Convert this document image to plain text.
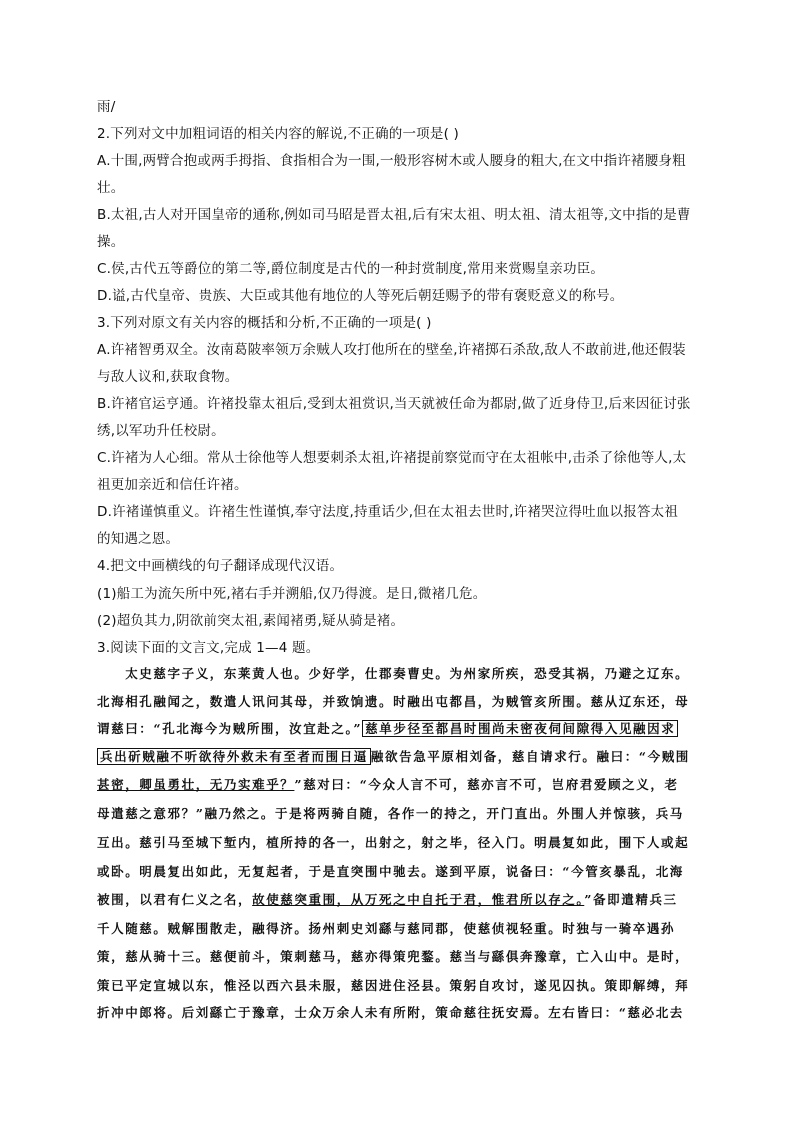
雨/
2.下列对文中加粗词语的相关内容的解说,不正确的一项是( )
A.十围,两臂合抱或两手拇指、食指相合为一围,一般形容树木或人腰身的粗大,在文中指许褚腰身粗
壮。
B.太祖,古人对开国皇帝的通称,例如司马昭是晋太祖,后有宋太祖、明太祖、清太祖等,文中指的是曹
操。
C.侯,古代五等爵位的第二等,爵位制度是古代的一种封赏制度,常用来赏赐皇亲功臣。
D.谥,古代皇帝、贵族、大臣或其他有地位的人等死后朝廷赐予的带有褒贬意义的称号。
3.下列对原文有关内容的概括和分析,不正确的一项是( )
A.许褚智勇双全。汝南葛陂率领万余贼人攻打他所在的壁垒,许褚掷石杀敌,敌人不敢前进,他还假装
与敌人议和,获取食物。
B.许褚官运亨通。许褚投靠太祖后,受到太祖赏识,当天就被任命为都尉,做了近身侍卫,后来因征讨张
绣,以军功升任校尉。
C.许褚为人心细。常从士徐他等人想要刺杀太祖,许褚提前察觉而守在太祖帐中,击杀了徐他等人,太
祖更加亲近和信任许褚。
D.许褚谨慎重义。许褚生性谨慎,奉守法度,持重话少,但在太祖去世时,许褚哭泣得吐血以报答太祖
的知遇之恩。
4.把文中画横线的句子翻译成现代汉语。
(1)船工为流矢所中死,褚右手并溯船,仅乃得渡。是日,微褚几危。
(2)超负其力,阴欲前突太祖,素闻褚勇,疑从骑是褚。
3.阅读下面的文言文,完成 1—4 题。
　　太史慈字子义，东莱黄人也。少好学，仕郡奏曹史。为州家所疾，恐受其祸，乃避之辽东。
北海相孔融闻之，数遣人讯问其母，并致饷遗。时融出屯都昌，为贼管亥所围。慈从辽东还，母
谓慈曰：“孔北海今为贼所围，汝宜赴之。” 慈单步径至都昌时围尚未密夜伺间隙得入见融因求
兵出斫贼融不听欲待外救未有至者而围日逼 融欲告急平原相刘备，慈自请求行。融曰：“今贼围
甚密，卿虽勇壮，无乃实难乎？”慈对曰：“今众人言不可，慈亦言不可，岂府君爱顾之义，老
母遣慈之意邪？”融乃然之。于是将两骑自随，各作一的持之，开门直出。外围人并惊骇，兵马
互出。慈引马至城下堑内，植所持的各一，出射之，射之毕，径入门。明晨复如此，围下人或起
或卧。明晨复出如此，无复起者，于是直突围中驰去。遂到平原，说备曰：“今管亥暴乱，北海
被围，以君有仁义之名，故使慈突重围，从万死之中自托于君，惟君所以存之。”备即遣精兵三
千人随慈。贼解围散走，融得济。扬州刺史刘繇与慈同郡，使慈侦视轻重。时独与一骑卒遇孙
策，慈从骑十三。慈便前斗，策刺慈马，慈亦得策兜鍪。慈当与繇俱奔豫章，亡入山中。是时，
策已平定宣城以东，惟泾以西六县未服，慈因进住泾县。策躬自攻讨，遂见囚执。策即解缚，拜
折冲中郎将。后刘繇亡于豫章，士众万余人未有所附，策命慈往抚安焉。左右皆曰：“慈必北去
